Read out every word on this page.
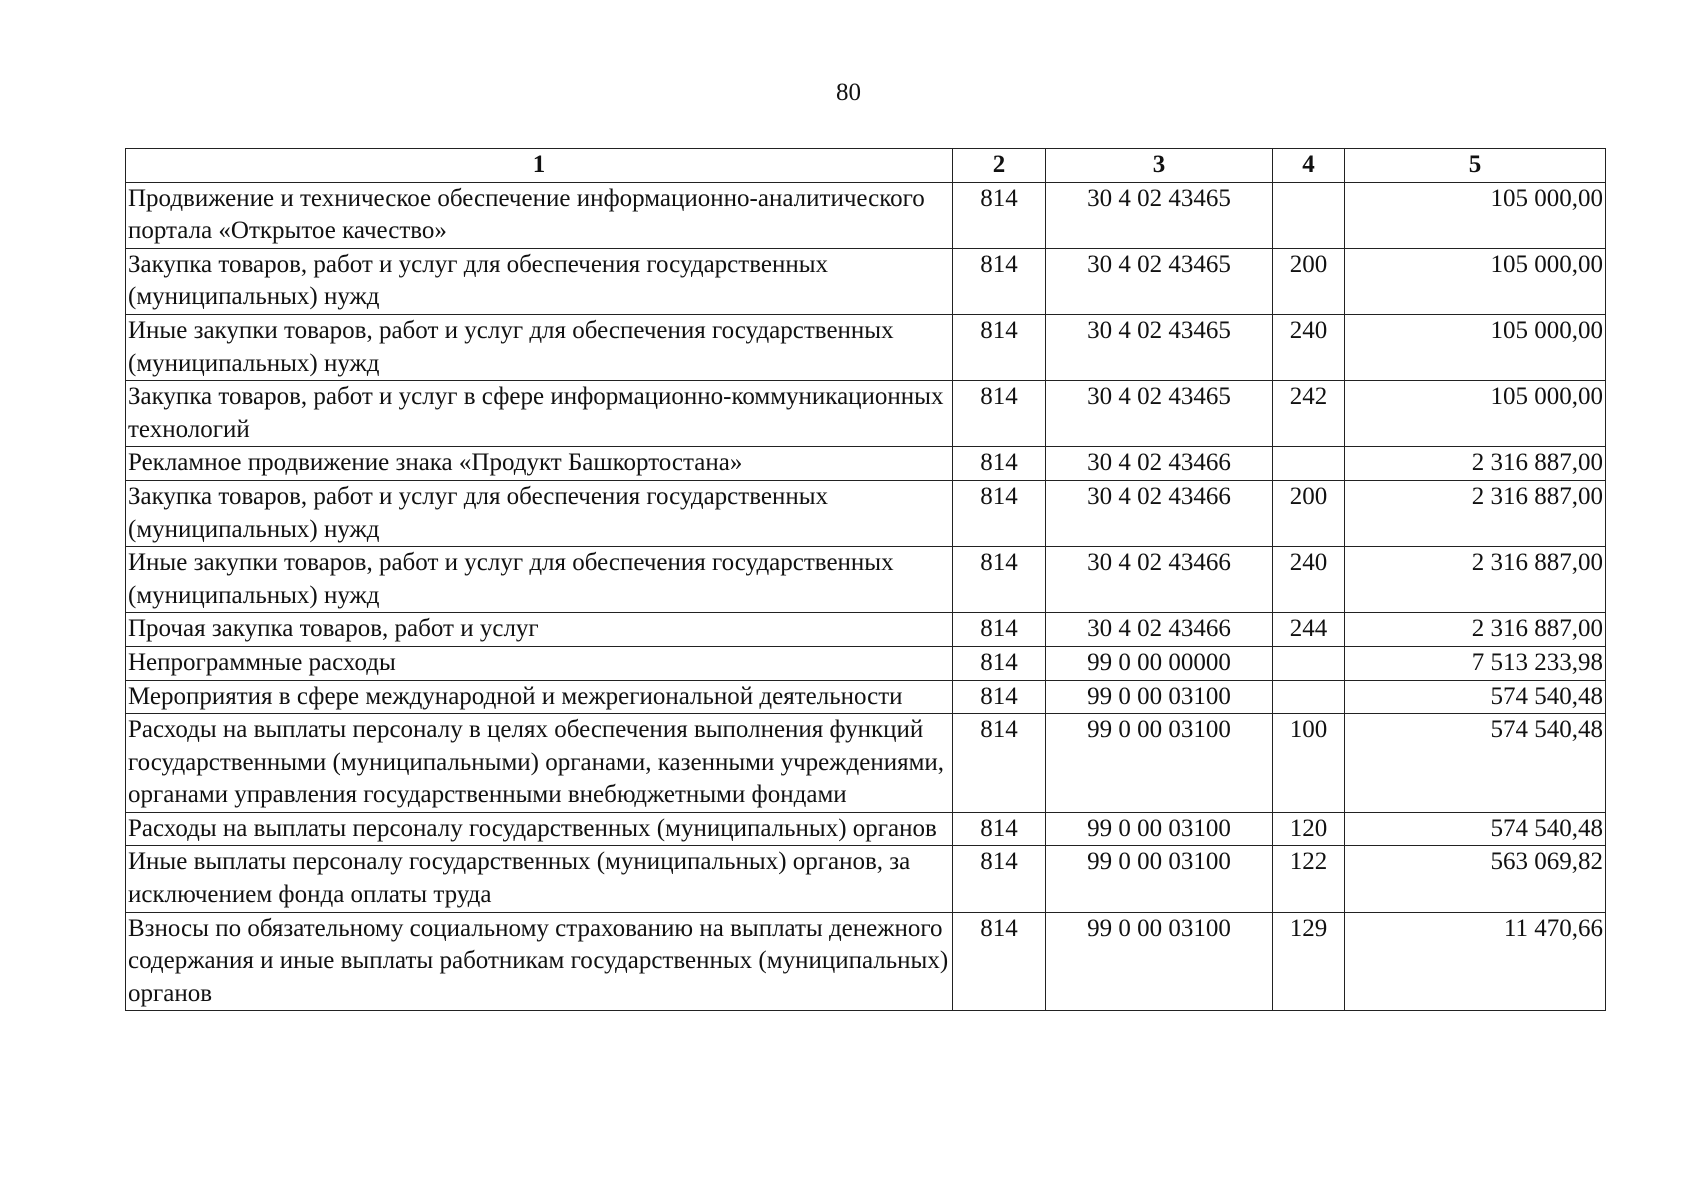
80
1	2	3	4	5
Продвижение и техническое обеспечение информационно-аналитического портала «Открытое качество»	814	30 4 02 43465		105 000,00
Закупка товаров, работ и услуг для обеспечения государственных (муниципальных) нужд	814	30 4 02 43465	200	105 000,00
Иные закупки товаров, работ и услуг для обеспечения государственных (муниципальных) нужд	814	30 4 02 43465	240	105 000,00
Закупка товаров, работ и услуг в сфере информационно-коммуникационных технологий	814	30 4 02 43465	242	105 000,00
Рекламное продвижение знака «Продукт Башкортостана»	814	30 4 02 43466		2 316 887,00
Закупка товаров, работ и услуг для обеспечения государственных (муниципальных) нужд	814	30 4 02 43466	200	2 316 887,00
Иные закупки товаров, работ и услуг для обеспечения государственных (муниципальных) нужд	814	30 4 02 43466	240	2 316 887,00
Прочая закупка товаров, работ и услуг	814	30 4 02 43466	244	2 316 887,00
Непрограммные расходы	814	99 0 00 00000		7 513 233,98
Мероприятия в сфере международной и межрегиональной деятельности	814	99 0 00 03100		574 540,48
Расходы на выплаты персоналу в целях обеспечения выполнения функций государственными (муниципальными) органами, казенными учреждениями, органами управления государственными внебюджетными фондами	814	99 0 00 03100	100	574 540,48
Расходы на выплаты персоналу государственных (муниципальных) органов	814	99 0 00 03100	120	574 540,48
Иные выплаты персоналу государственных (муниципальных) органов, за исключением фонда оплаты труда	814	99 0 00 03100	122	563 069,82
Взносы по обязательному социальному страхованию на выплаты денежного содержания и иные выплаты работникам государственных (муниципальных) органов	814	99 0 00 03100	129	11 470,66
